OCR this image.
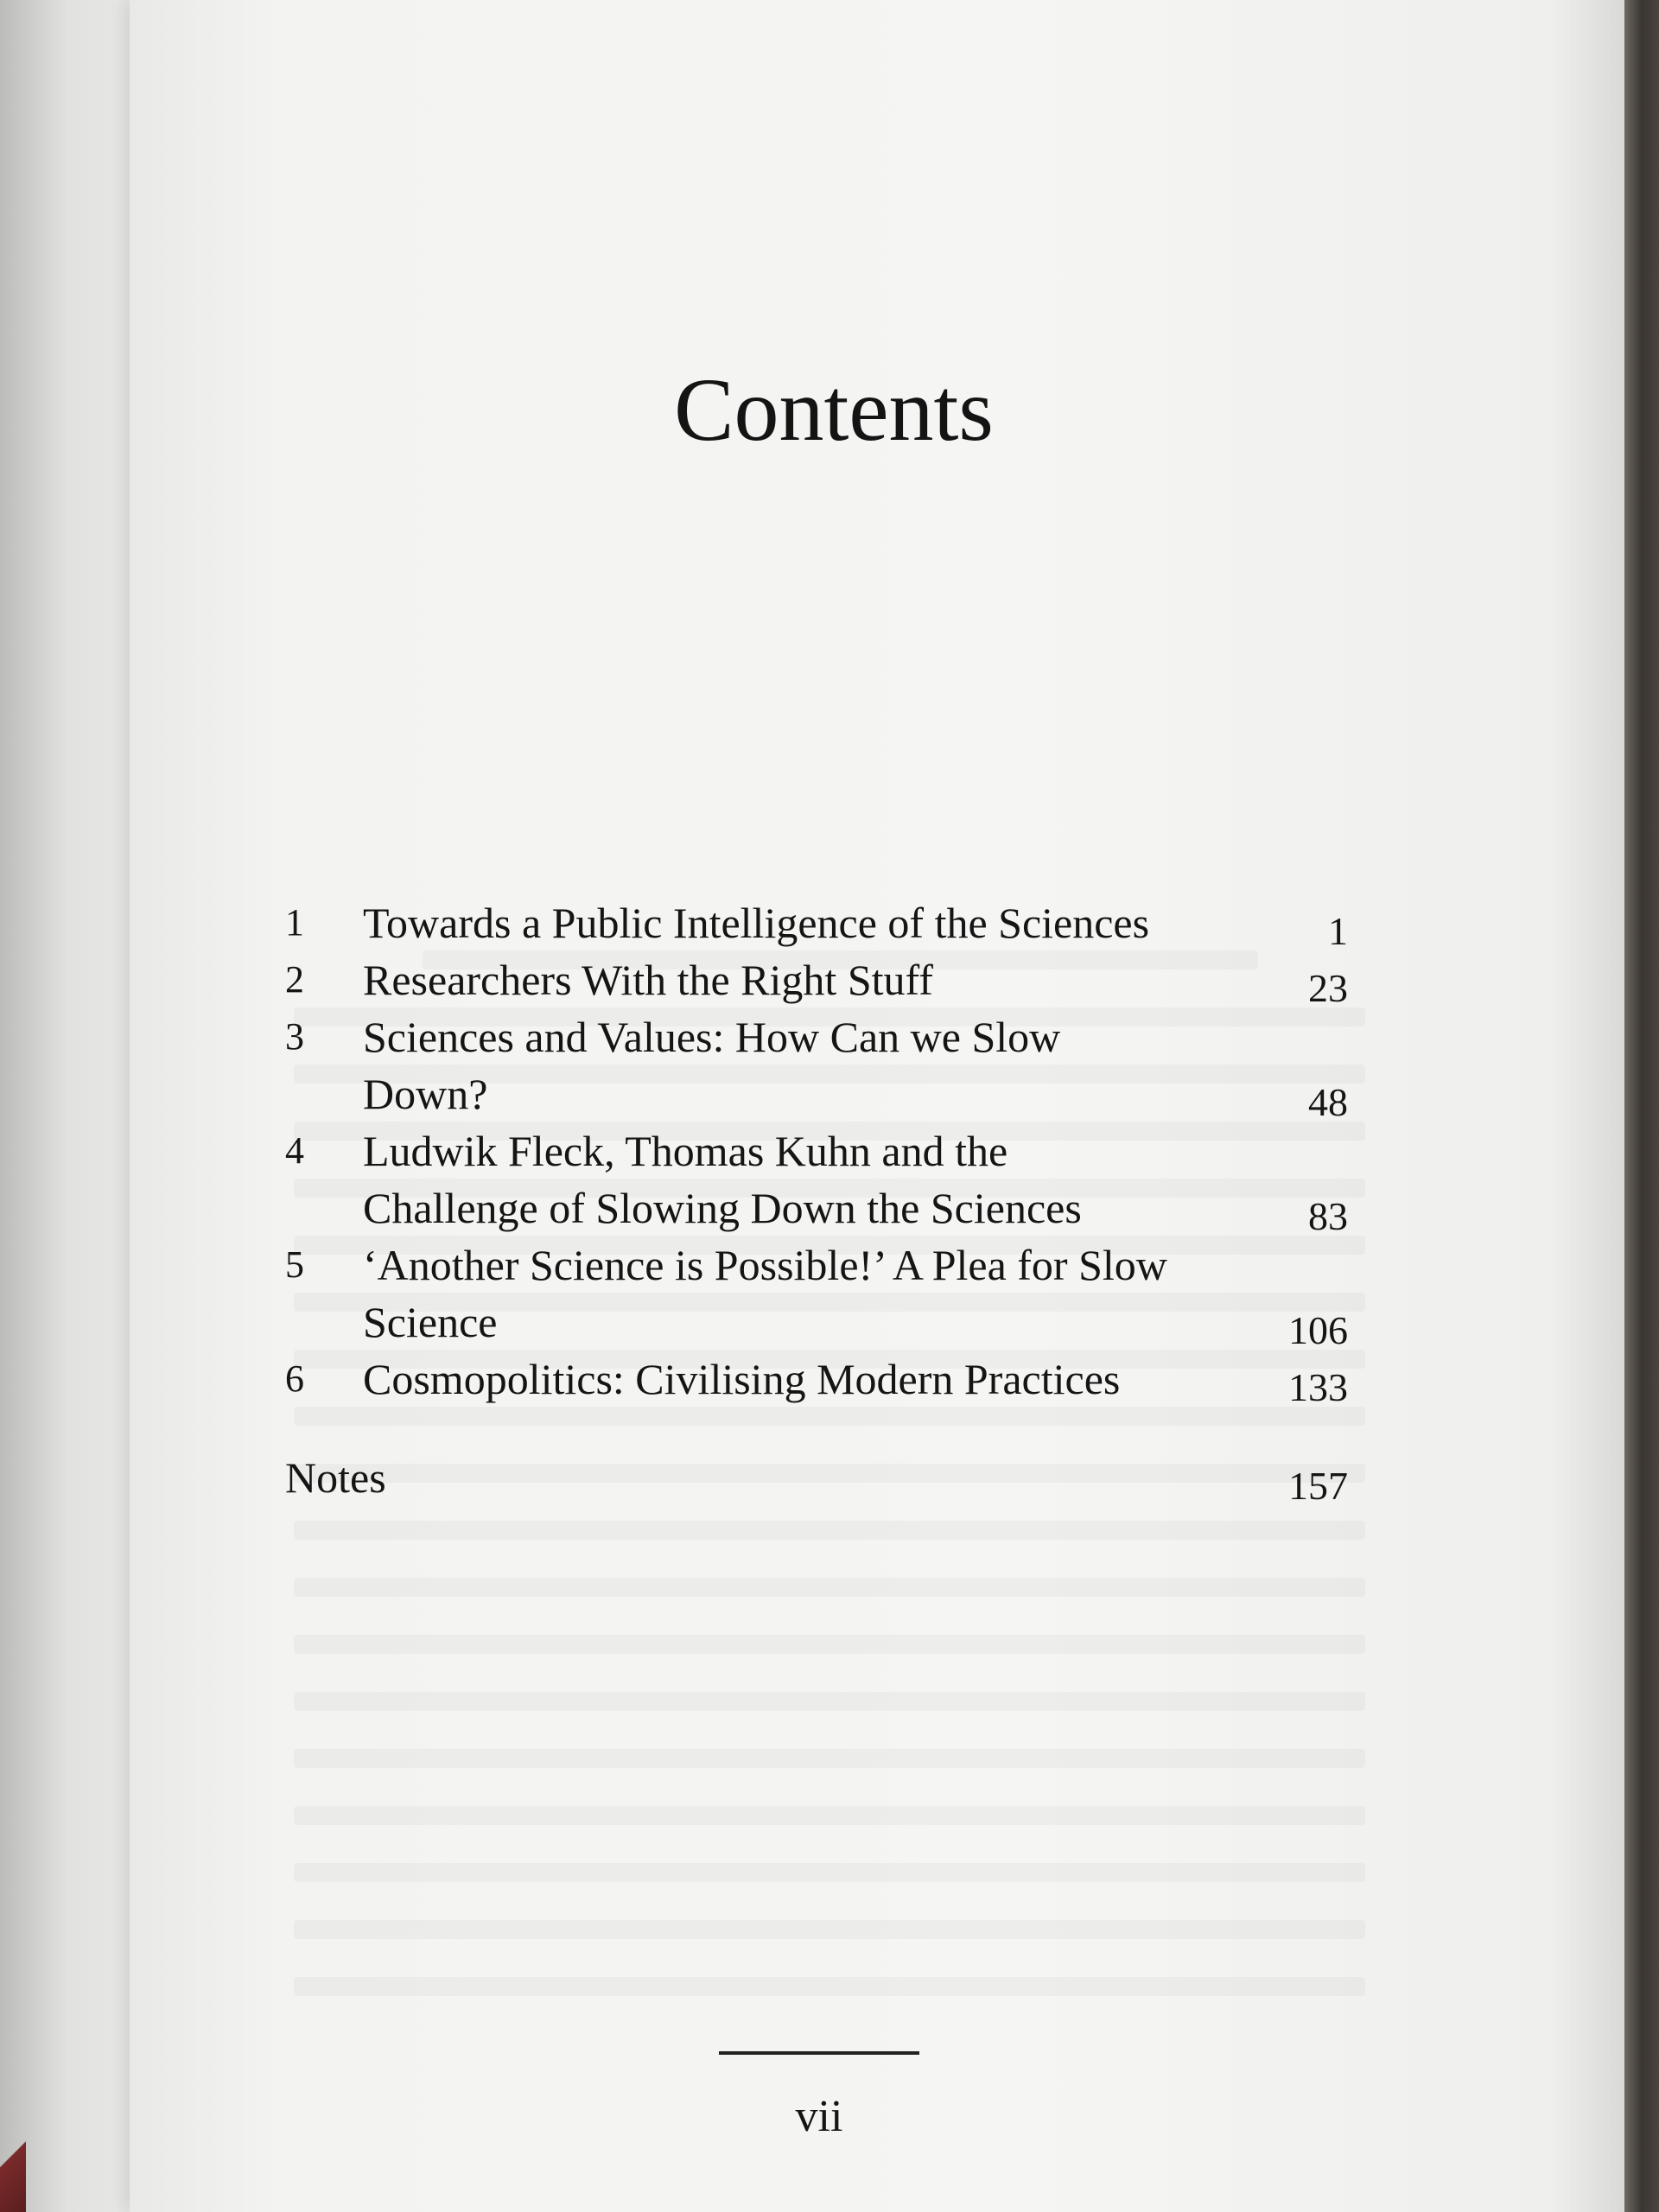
Contents
1	Towards a Public Intelligence of the Sciences	1
2	Researchers With the Right Stuff	23
3	Sciences and Values: How Can we Slow Down?	48
4	Ludwik Fleck, Thomas Kuhn and the Challenge of Slowing Down the Sciences	83
5	‘Another Science is Possible!’ A Plea for Slow Science	106
6	Cosmopolitics: Civilising Modern Practices	133
Notes	157
vii
